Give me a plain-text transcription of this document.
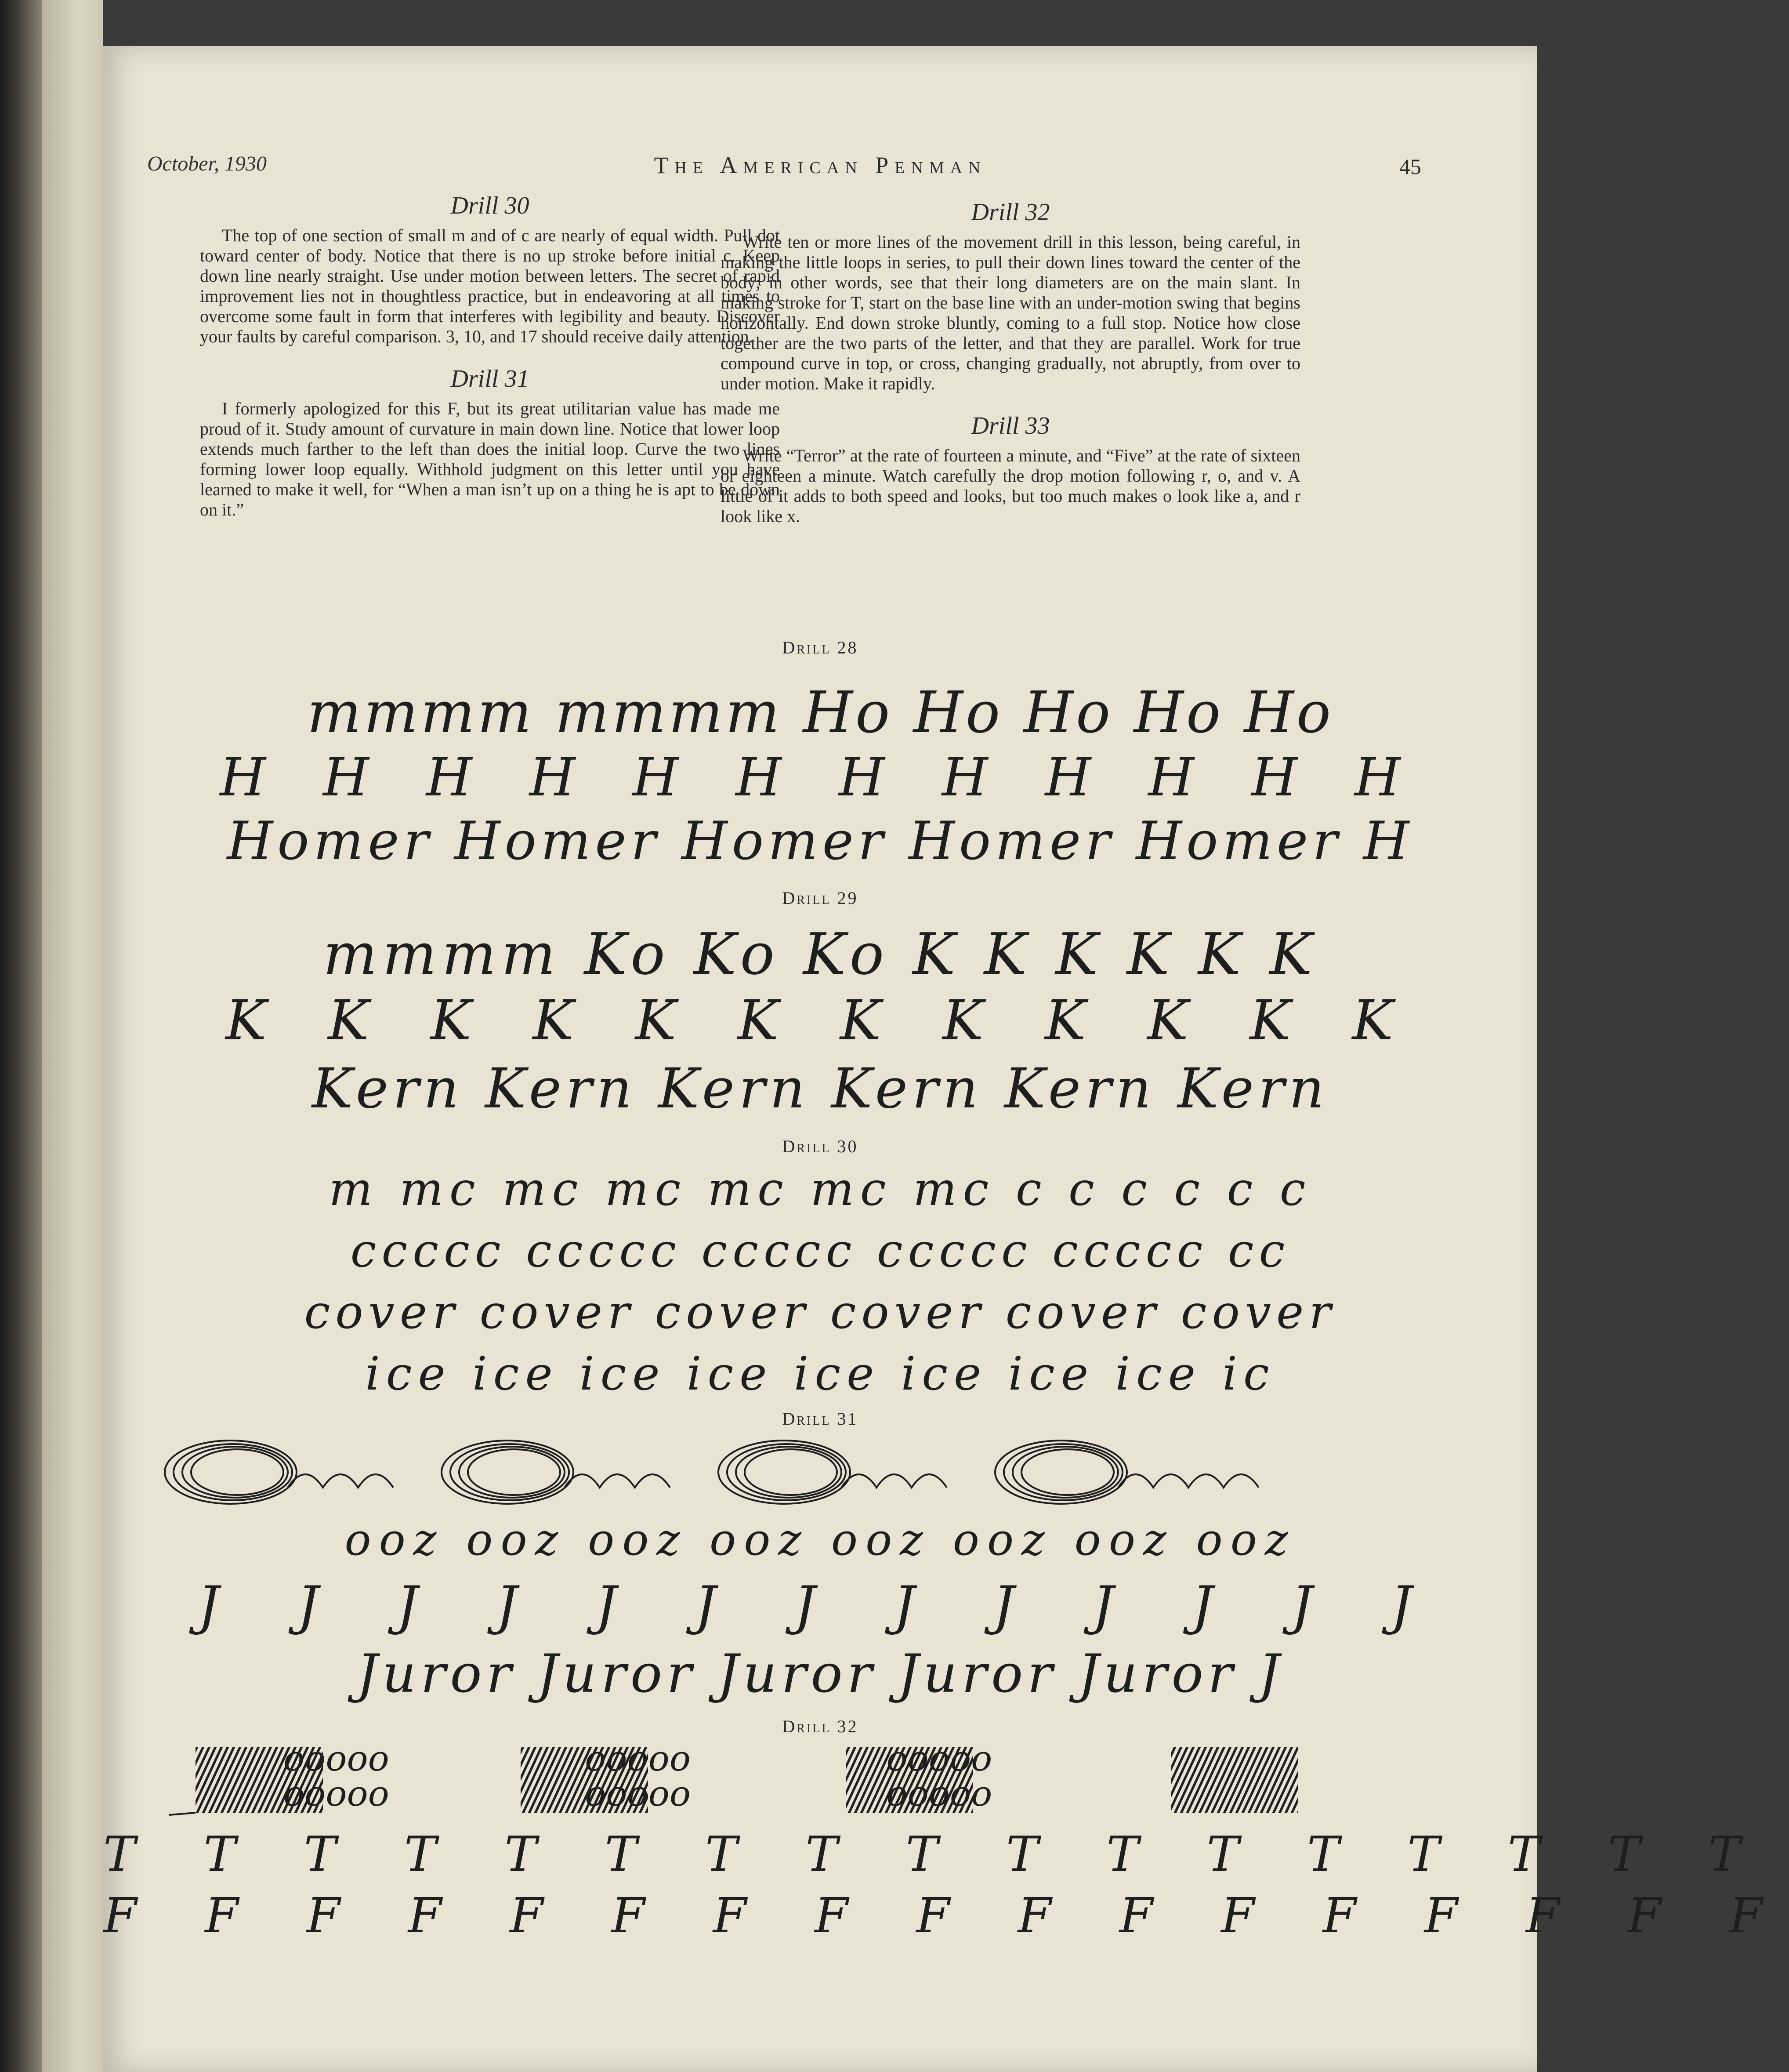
October, 1930	The American Penman	45
Drill 30

The top of one section of small m and of c are nearly of equal width. Pull dot toward center of body. Notice that there is no up stroke before initial c. Keep down line nearly straight. Use under motion between letters. The secret of rapid improvement lies not in thoughtless practice, but in endeavoring at all times to overcome some fault in form that interferes with legibility and beauty. Discover your faults by careful comparison. 3, 10, and 17 should receive daily attention.

Drill 31

I formerly apologized for this F, but its great utilitarian value has made me proud of it. Study amount of curvature in main down line. Notice that lower loop extends much farther to the left than does the initial loop. Curve the two lines forming lower loop equally. Withhold judgment on this letter until you have learned to make it well, for “When a man isn’t up on a thing he is apt to be down on it.”

Drill 32

Write ten or more lines of the movement drill in this lesson, being careful, in making the little loops in series, to pull their down lines toward the center of the body; in other words, see that their long diameters are on the main slant. In making stroke for T, start on the base line with an under-motion swing that begins horizontally. End down stroke bluntly, coming to a full stop. Notice how close together are the two parts of the letter, and that they are parallel. Work for true compound curve in top, or cross, changing gradually, not abruptly, from over to under motion. Make it rapidly.

Drill 33

Write “Terror” at the rate of fourteen a minute, and “Five” at the rate of sixteen or eighteen a minute. Watch carefully the drop motion following r, o, and v. A little of it adds to both speed and looks, but too much makes o look like a, and r look like x.

Drill 28
mmmm mmmm Ho Ho Ho Ho Ho
H H H H H H H H H H H H
Homer Homer Homer Homer Homer H
Drill 29
mmmm Ko Ko Ko K K K K K K
K K K K K K K K K K K K
Kern Kern Kern Kern Kern Kern
Drill 30
m mc mc mc mc mc mc c c c c c c
ccccc ccccc ccccc ccccc ccccc cc
cover cover cover cover cover cover
ice ice ice ice ice ice ice ice ic
Drill 31
ooz ooz ooz ooz ooz ooz ooz ooz
J J J J J J J J J J J J J
Juror Juror Juror Juror Juror J
Drill 32
ooooo ooooo ooooo
ooooo ooooo ooooo
T T T T T T T T T T T T T T T T T
F F F F F F F F F F F F F F F F F
